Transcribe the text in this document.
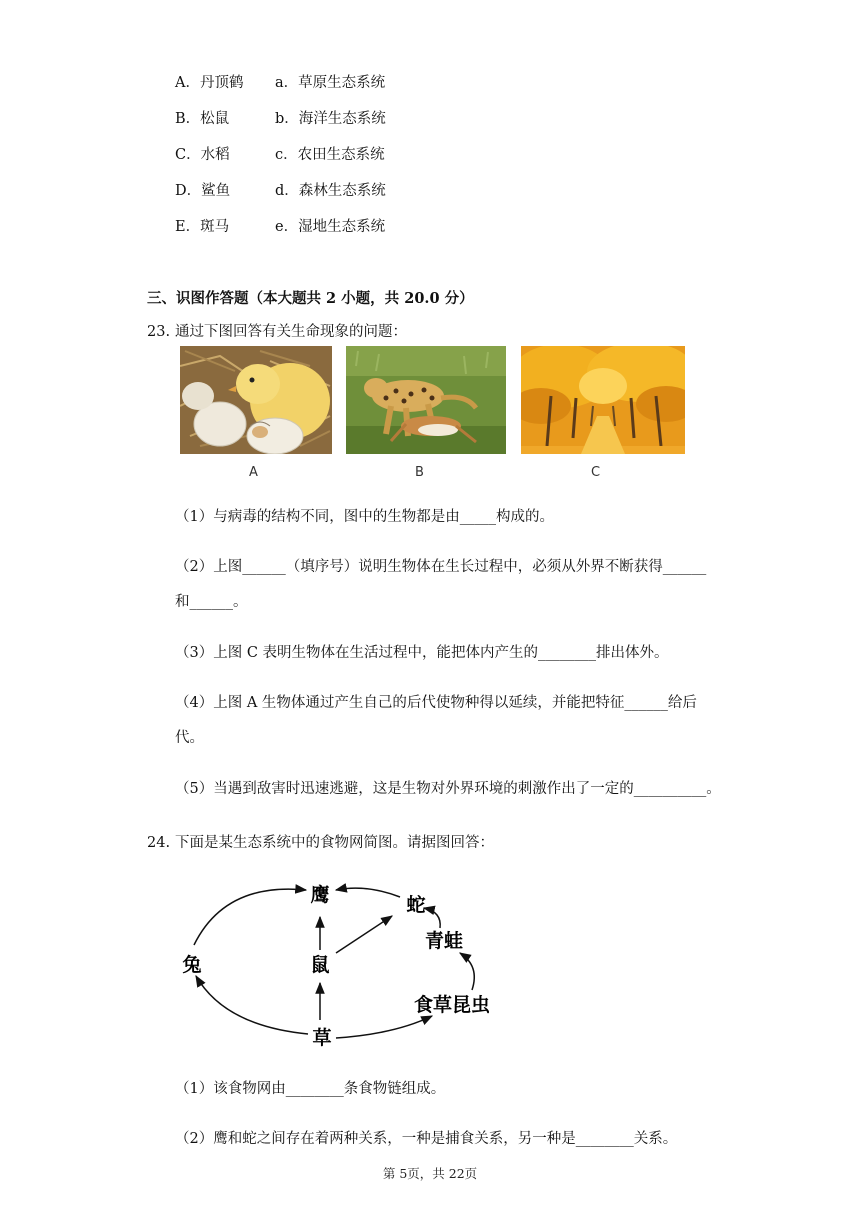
A．丹顶鹤 a．草原生态系统
B．松鼠	b．海洋生态系统
C．水稻	c．农田生态系统
D．鲨鱼	d．森林生态系统
E．斑马	e．湿地生态系统
三、识图作答题（本大题共 2 小题，共 20.0 分）
23. 通过下图回答有关生命现象的问题：
A	B	C
（1）与病毒的结构不同，图中的生物都是由_____构成的。
（2）上图______（填序号）说明生物体在生长过程中，必须从外界不断获得______
和______。
（3）上图 C 表明生物体在生活过程中，能把体内产生的________排出体外。
（4）上图 A 生物体通过产生自己的后代使物种得以延续，并能把特征______给后
代。
（5）当遇到敌害时迅速逃避，这是生物对外界环境的刺激作出了一定的__________。
24. 下面是某生态系统中的食物网简图。请据图回答：
鹰	蛇
青蛙
兔	鼠
食草昆虫
草
（1）该食物网由________条食物链组成。
（2）鹰和蛇之间存在着两种关系，一种是捕食关系，另一种是________关系。
第 5页，共 22页
